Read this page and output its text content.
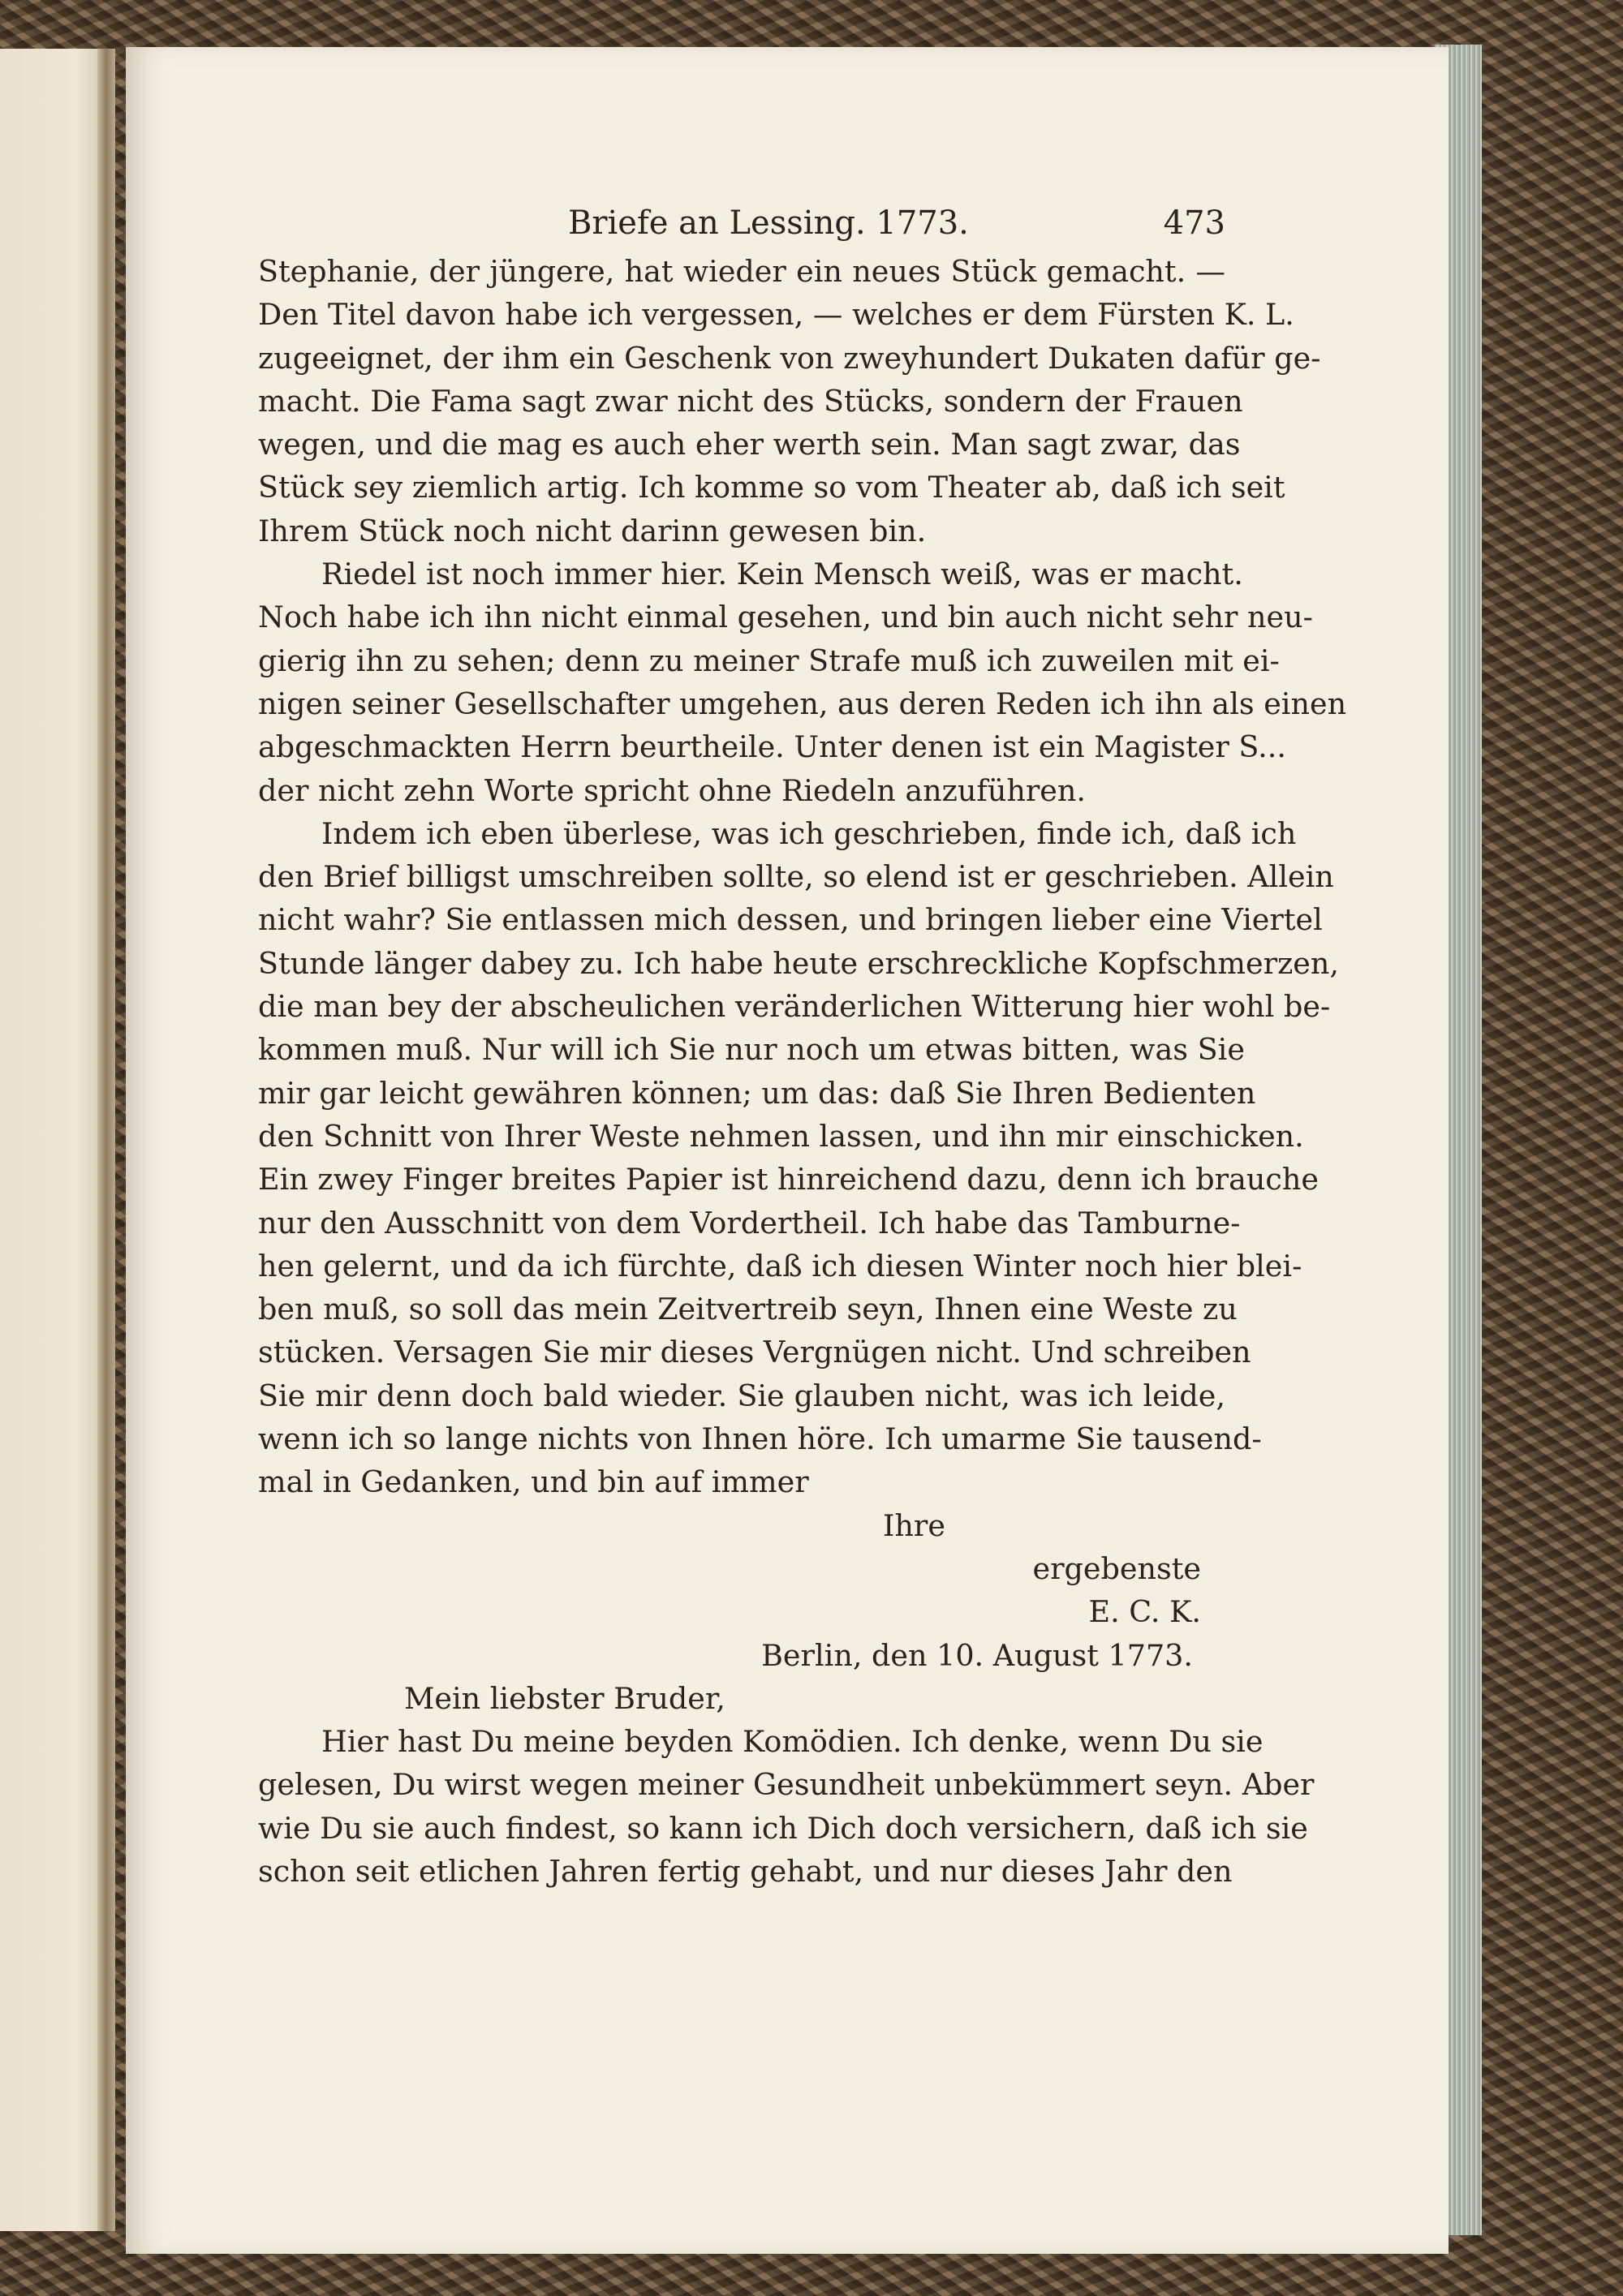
Briefe an Lessing. 1773.	473
Stephanie, der jüngere, hat wieder ein neues Stück gemacht. —
Den Titel davon habe ich vergessen, — welches er dem Fürsten K. L.
zugeeignet, der ihm ein Geschenk von zweyhundert Dukaten dafür ge-
macht. Die Fama sagt zwar nicht des Stücks, sondern der Frauen
wegen, und die mag es auch eher werth sein. Man sagt zwar, das
Stück sey ziemlich artig. Ich komme so vom Theater ab, daß ich seit
Ihrem Stück noch nicht darinn gewesen bin.
Riedel ist noch immer hier. Kein Mensch weiß, was er macht.
Noch habe ich ihn nicht einmal gesehen, und bin auch nicht sehr neu-
gierig ihn zu sehen; denn zu meiner Strafe muß ich zuweilen mit ei-
nigen seiner Gesellschafter umgehen, aus deren Reden ich ihn als einen
abgeschmackten Herrn beurtheile. Unter denen ist ein Magister S...
der nicht zehn Worte spricht ohne Riedeln anzuführen.
Indem ich eben überlese, was ich geschrieben, finde ich, daß ich
den Brief billigst umschreiben sollte, so elend ist er geschrieben. Allein
nicht wahr? Sie entlassen mich dessen, und bringen lieber eine Viertel
Stunde länger dabey zu. Ich habe heute erschreckliche Kopfschmerzen,
die man bey der abscheulichen veränderlichen Witterung hier wohl be-
kommen muß. Nur will ich Sie nur noch um etwas bitten, was Sie
mir gar leicht gewähren können; um das: daß Sie Ihren Bedienten
den Schnitt von Ihrer Weste nehmen lassen, und ihn mir einschicken.
Ein zwey Finger breites Papier ist hinreichend dazu, denn ich brauche
nur den Ausschnitt von dem Vordertheil. Ich habe das Tamburne-
hen gelernt, und da ich fürchte, daß ich diesen Winter noch hier blei-
ben muß, so soll das mein Zeitvertreib seyn, Ihnen eine Weste zu
stücken. Versagen Sie mir dieses Vergnügen nicht. Und schreiben
Sie mir denn doch bald wieder. Sie glauben nicht, was ich leide,
wenn ich so lange nichts von Ihnen höre. Ich umarme Sie tausend-
mal in Gedanken, und bin auf immer
Ihre
ergebenste
E. C. K.
Berlin, den 10. August 1773.
Mein liebster Bruder,
Hier hast Du meine beyden Komödien. Ich denke, wenn Du sie
gelesen, Du wirst wegen meiner Gesundheit unbekümmert seyn. Aber
wie Du sie auch findest, so kann ich Dich doch versichern, daß ich sie
schon seit etlichen Jahren fertig gehabt, und nur dieses Jahr den
